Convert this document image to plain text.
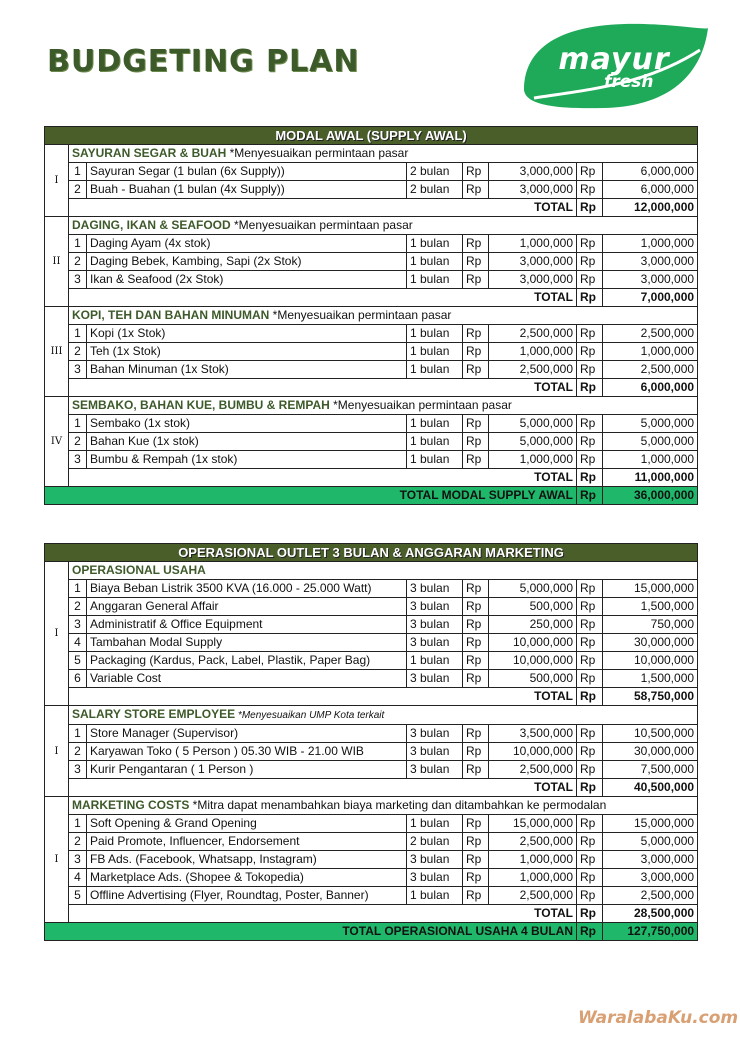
BUDGETING PLAN	mayur
fresh
MODAL AWAL (SUPPLY AWAL)							
I	SAYURAN SEGAR & BUAH *Menyesuaikan permintaan pasar						
	1	Sayuran Segar (1 bulan (6x Supply))	2 bulan	Rp	3,000,000	Rp	6,000,000
	2	Buah - Buahan (1 bulan (4x Supply))	2 bulan	Rp	3,000,000	Rp	6,000,000
	TOTAL					Rp	12,000,000
II	DAGING, IKAN & SEAFOOD *Menyesuaikan permintaan pasar						
	1	Daging Ayam (4x stok)	1 bulan	Rp	1,000,000	Rp	1,000,000
	2	Daging Bebek, Kambing, Sapi (2x Stok)	1 bulan	Rp	3,000,000	Rp	3,000,000
	3	Ikan & Seafood (2x Stok)	1 bulan	Rp	3,000,000	Rp	3,000,000
	TOTAL					Rp	7,000,000
III	KOPI, TEH DAN BAHAN MINUMAN *Menyesuaikan permintaan pasar						
	1	Kopi (1x Stok)	1 bulan	Rp	2,500,000	Rp	2,500,000
	2	Teh (1x Stok)	1 bulan	Rp	1,000,000	Rp	1,000,000
	3	Bahan Minuman (1x Stok)	1 bulan	Rp	2,500,000	Rp	2,500,000
	TOTAL					Rp	6,000,000
IV	SEMBAKO, BAHAN KUE, BUMBU & REMPAH *Menyesuaikan permintaan pasar						
	1	Sembako (1x stok)	1 bulan	Rp	5,000,000	Rp	5,000,000
	2	Bahan Kue (1x stok)	1 bulan	Rp	5,000,000	Rp	5,000,000
	3	Bumbu & Rempah (1x stok)	1 bulan	Rp	1,000,000	Rp	1,000,000
	TOTAL					Rp	11,000,000
TOTAL MODAL SUPPLY AWAL						Rp	36,000,000
OPERASIONAL OUTLET 3 BULAN & ANGGARAN MARKETING							
I	OPERASIONAL USAHA						
	1	Biaya Beban Listrik 3500 KVA (16.000 - 25.000 Watt)	3 bulan	Rp	5,000,000	Rp	15,000,000
	2	Anggaran General Affair	3 bulan	Rp	500,000	Rp	1,500,000
	3	Administratif & Office Equipment	3 bulan	Rp	250,000	Rp	750,000
	4	Tambahan Modal Supply	3 bulan	Rp	10,000,000	Rp	30,000,000
	5	Packaging (Kardus, Pack, Label, Plastik, Paper Bag)	1 bulan	Rp	10,000,000	Rp	10,000,000
	6	Variable Cost	3 bulan	Rp	500,000	Rp	1,500,000
	TOTAL					Rp	58,750,000
I	SALARY STORE EMPLOYEE *Menyesuaikan UMP Kota terkait						
	1	Store Manager (Supervisor)	3 bulan	Rp	3,500,000	Rp	10,500,000
	2	Karyawan Toko ( 5 Person ) 05.30 WIB - 21.00 WIB	3 bulan	Rp	10,000,000	Rp	30,000,000
	3	Kurir Pengantaran ( 1 Person )	3 bulan	Rp	2,500,000	Rp	7,500,000
	TOTAL					Rp	40,500,000
I	MARKETING COSTS *Mitra dapat menambahkan biaya marketing dan ditambahkan ke permodalan						
	1	Soft Opening & Grand Opening	1 bulan	Rp	15,000,000	Rp	15,000,000
	2	Paid Promote, Influencer, Endorsement	2 bulan	Rp	2,500,000	Rp	5,000,000
	3	FB Ads. (Facebook, Whatsapp, Instagram)	3 bulan	Rp	1,000,000	Rp	3,000,000
	4	Marketplace Ads. (Shopee & Tokopedia)	3 bulan	Rp	1,000,000	Rp	3,000,000
	5	Offline Advertising (Flyer, Roundtag, Poster, Banner)	1 bulan	Rp	2,500,000	Rp	2,500,000
	TOTAL					Rp	28,500,000
TOTAL OPERASIONAL USAHA 4 BULAN						Rp	127,750,000
WaralabaKu.com
